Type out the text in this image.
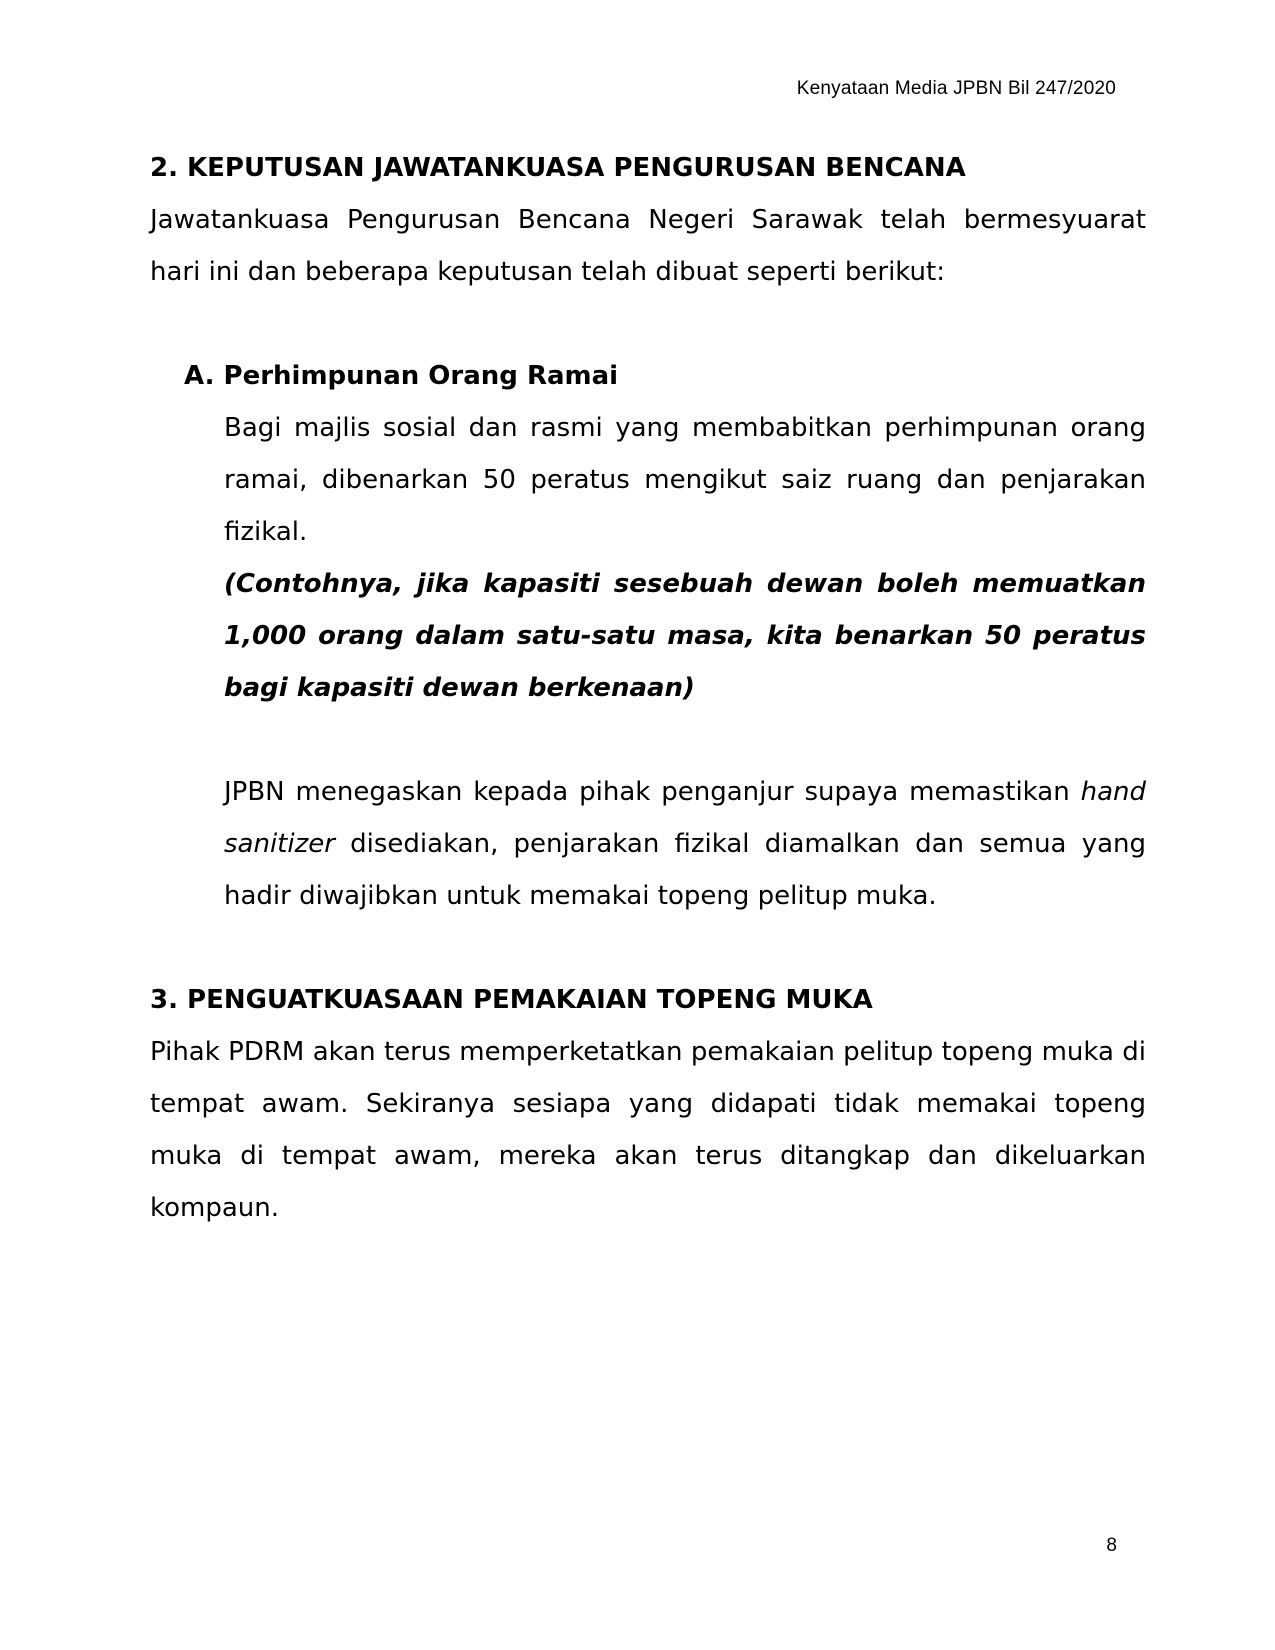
Kenyataan Media JPBN Bil 247/2020
2. KEPUTUSAN JAWATANKUASA PENGURUSAN BENCANA

Jawatankuasa Pengurusan Bencana Negeri Sarawak telah bermesyuarat hari ini dan beberapa keputusan telah dibuat seperti berikut:

A. Perhimpunan Orang Ramai

Bagi majlis sosial dan rasmi yang membabitkan perhimpunan orang ramai, dibenarkan 50 peratus mengikut saiz ruang dan penjarakan fizikal.

(Contohnya, jika kapasiti sesebuah dewan boleh memuatkan 1,000 orang dalam satu-satu masa, kita benarkan 50 peratus bagi kapasiti dewan berkenaan)

JPBN menegaskan kepada pihak penganjur supaya memastikan hand sanitizer disediakan, penjarakan fizikal diamalkan dan semua yang hadir diwajibkan untuk memakai topeng pelitup muka.

3. PENGUATKUASAAN PEMAKAIAN TOPENG MUKA

Pihak PDRM akan terus memperketatkan pemakaian pelitup topeng muka di tempat awam. Sekiranya sesiapa yang didapati tidak memakai topeng muka di tempat awam, mereka akan terus ditangkap dan dikeluarkan kompaun.

8
